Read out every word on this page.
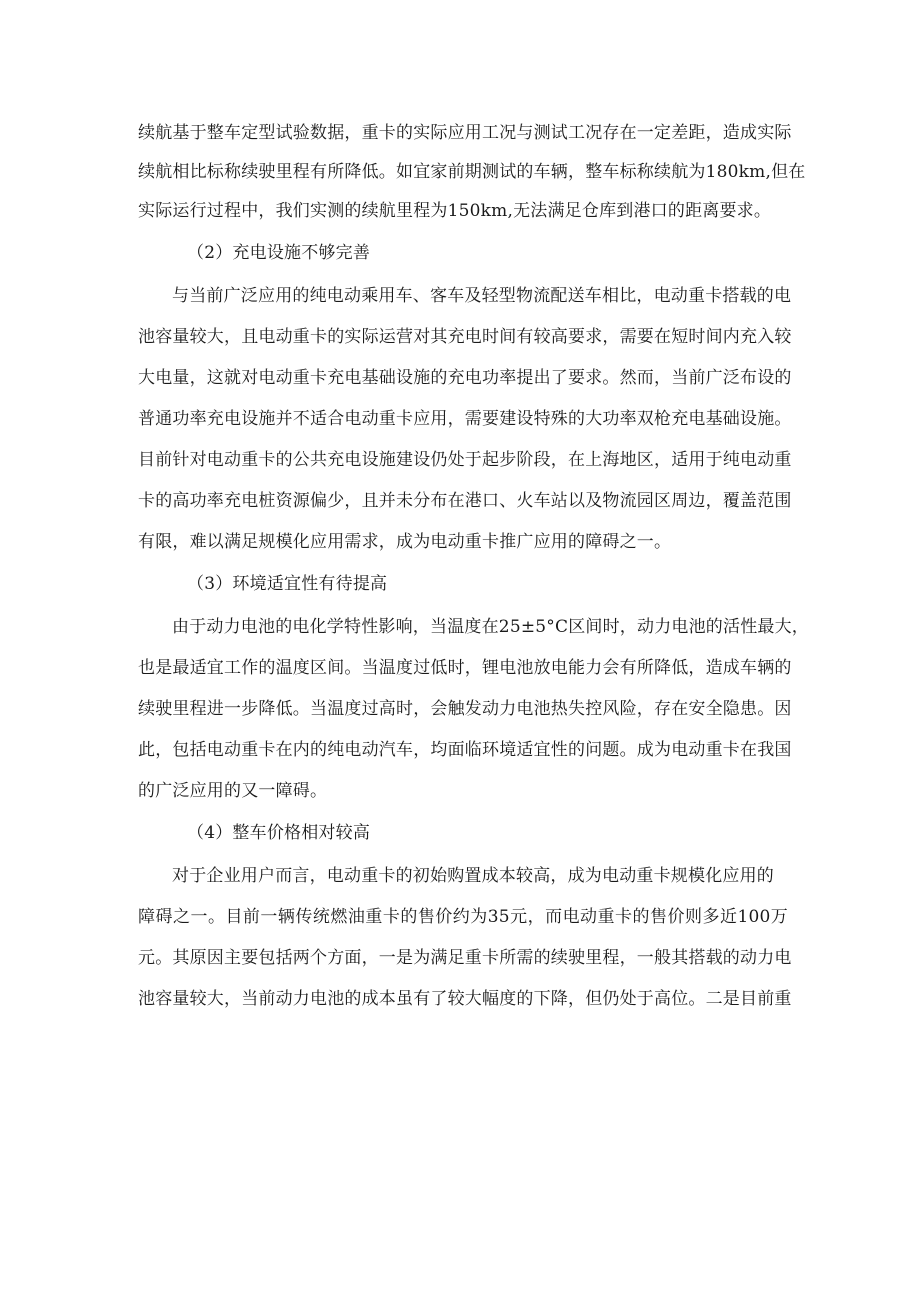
续航基于整车定型试验数据，重卡的实际应用工况与测试工况存在一定差距，造成实际
续航相比标称续驶里程有所降低。如宜家前期测试的车辆，整车标称续航为180km,但在
实际运行过程中，我们实测的续航里程为150km,无法满足仓库到港口的距离要求。
（2）充电设施不够完善
与当前广泛应用的纯电动乘用车、客车及轻型物流配送车相比，电动重卡搭载的电
池容量较大，且电动重卡的实际运营对其充电时间有较高要求，需要在短时间内充入较
大电量，这就对电动重卡充电基础设施的充电功率提出了要求。然而，当前广泛布设的
普通功率充电设施并不适合电动重卡应用，需要建设特殊的大功率双枪充电基础设施。
目前针对电动重卡的公共充电设施建设仍处于起步阶段，在上海地区，适用于纯电动重
卡的高功率充电桩资源偏少，且并未分布在港口、火车站以及物流园区周边，覆盖范围
有限，难以满足规模化应用需求，成为电动重卡推广应用的障碍之一。
（3）环境适宜性有待提高
由于动力电池的电化学特性影响，当温度在25±5°C区间时，动力电池的活性最大，
也是最适宜工作的温度区间。当温度过低时，锂电池放电能力会有所降低，造成车辆的
续驶里程进一步降低。当温度过高时，会触发动力电池热失控风险，存在安全隐患。因
此，包括电动重卡在内的纯电动汽车，均面临环境适宜性的问题。成为电动重卡在我国
的广泛应用的又一障碍。
（4）整车价格相对较高
对于企业用户而言，电动重卡的初始购置成本较高，成为电动重卡规模化应用的
障碍之一。目前一辆传统燃油重卡的售价约为35元，而电动重卡的售价则多近100万
元。其原因主要包括两个方面，一是为满足重卡所需的续驶里程，一般其搭载的动力电
池容量较大，当前动力电池的成本虽有了较大幅度的下降，但仍处于高位。二是目前重
